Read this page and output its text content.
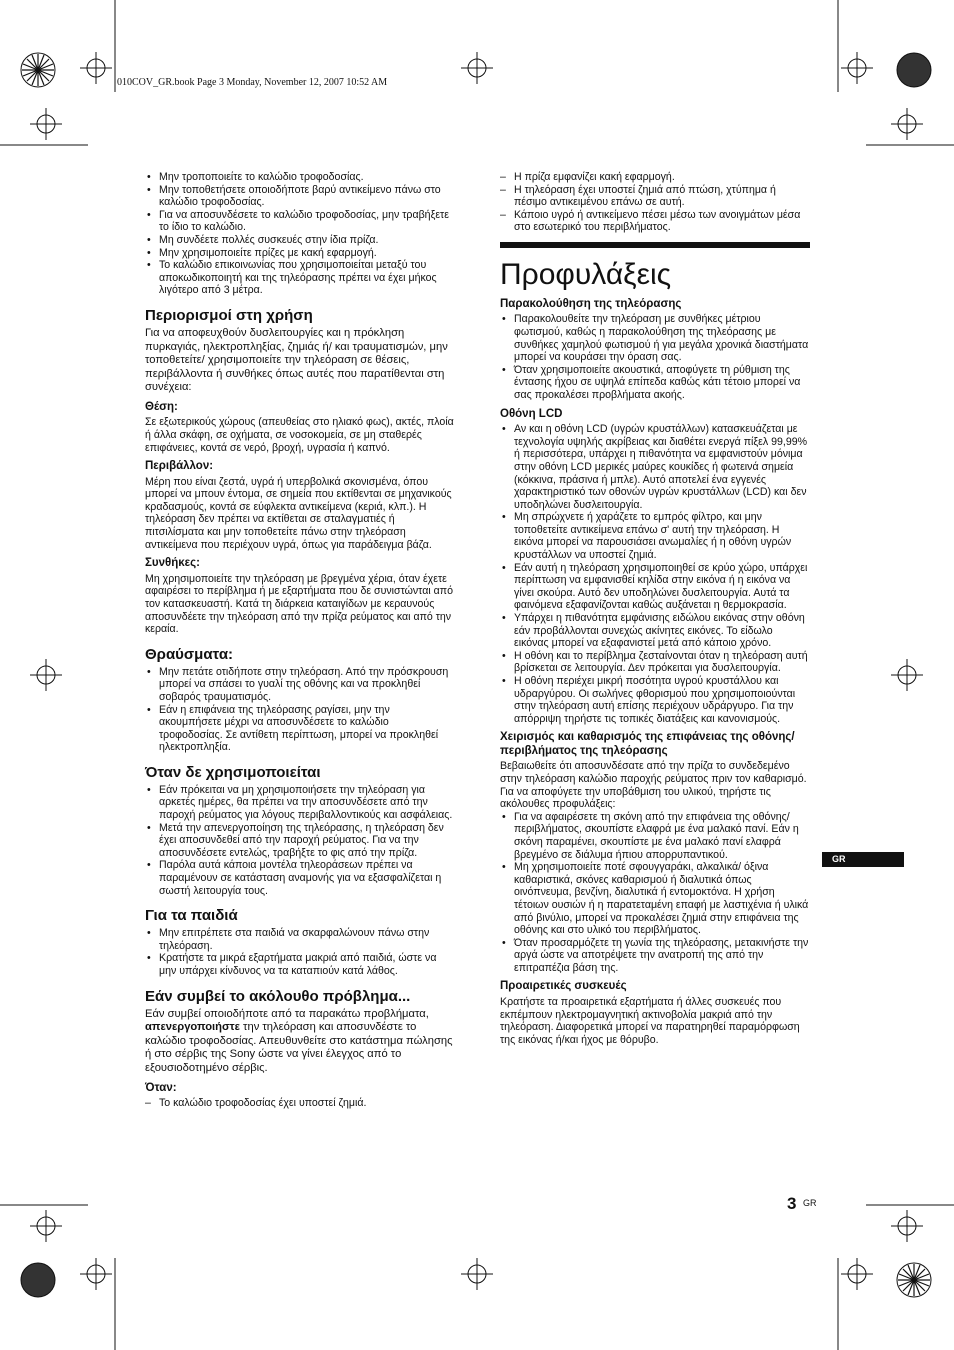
010COV_GR.book Page 3 Monday, November 12, 2007 10:52 AM
• Μην τροποποιείτε το καλώδιο τροφοδοσίας.
• Μην τοποθετήσετε οποιοδήποτε βαρύ αντικείμενο πάνω στο καλώδιο τροφοδοσίας.
• Για να αποσυνδέσετε το καλώδιο τροφοδοσίας, μην τραβήξετε το ίδιο το καλώδιο.
• Μη συνδέετε πολλές συσκευές στην ίδια πρίζα.
• Μην χρησιμοποιείτε πρίζες με κακή εφαρμογή.
• Το καλώδιο επικοινωνίας που χρησιμοποιείται μεταξύ του αποκωδικοποιητή και της τηλεόρασης πρέπει να έχει μήκος λιγότερο από 3 μέτρα.
Περιορισμοί στη χρήση

Για να αποφευχθούν δυσλειτουργίες και η πρόκληση πυρκαγιάς, ηλεκτροπληξίας, ζημιάς ή/ και τραυματισμών, μην τοποθετείτε/ χρησιμοποιείτε την τηλεόραση σε θέσεις, περιβάλλοντα ή συνθήκες όπως αυτές που παρατίθενται στη συνέχεια:

Θέση:

Σε εξωτερικούς χώρους (απευθείας στο ηλιακό φως), ακτές, πλοία ή άλλα σκάφη, σε οχήματα, σε νοσοκομεία, σε μη σταθερές επιφάνειες, κοντά σε νερό, βροχή, υγρασία ή καπνό.

Περιβάλλον:

Μέρη που είναι ζεστά, υγρά ή υπερβολικά σκονισμένα, όπου μπορεί να μπουν έντομα, σε σημεία που εκτίθενται σε μηχανικούς κραδασμούς, κοντά σε εύφλεκτα αντικείμενα (κεριά, κλπ.). Η τηλεόραση δεν πρέπει να εκτίθεται σε σταλαγματιές ή πιτσιλίσματα και μην τοποθετείτε πάνω στην τηλεόραση αντικείμενα που περιέχουν υγρά, όπως για παράδειγμα βάζα.

Συνθήκες:

Μη χρησιμοποιείτε την τηλεόραση με βρεγμένα χέρια, όταν έχετε αφαιρέσει το περίβλημα ή με εξαρτήματα που δε συνιστώνται από τον κατασκευαστή. Κατά τη διάρκεια καταιγίδων με κεραυνούς αποσυνδέετε την τηλεόραση από την πρίζα ρεύματος και από την κεραία.

Θραύσματα:
• Μην πετάτε οτιδήποτε στην τηλεόραση. Από την πρόσκρουση μπορεί να σπάσει το γυαλί της οθόνης και να προκληθεί σοβαρός τραυματισμός.
• Εάν η επιφάνεια της τηλεόρασης ραγίσει, μην την ακουμπήσετε μέχρι να αποσυνδέσετε το καλώδιο τροφοδοσίας. Σε αντίθετη περίπτωση, μπορεί να προκληθεί ηλεκτροπληξία.
Όταν δε χρησιμοποιείται
• Εάν πρόκειται να μη χρησιμοποιήσετε την τηλεόραση για αρκετές ημέρες, θα πρέπει να την αποσυνδέσετε από την παροχή ρεύματος για λόγους περιβαλλοντικούς και ασφάλειας.
• Μετά την απενεργοποίηση της τηλεόρασης, η τηλεόραση δεν έχει αποσυνδεθεί από την παροχή ρεύματος. Για να την αποσυνδέσετε εντελώς, τραβήξτε το φις από την πρίζα.
• Παρόλα αυτά κάποια μοντέλα τηλεοράσεων πρέπει να παραμένουν σε κατάσταση αναμονής για να εξασφαλίζεται η σωστή λειτουργία τους.
Για τα παιδιά
• Μην επιτρέπετε στα παιδιά να σκαρφαλώνουν πάνω στην τηλεόραση.
• Κρατήστε τα μικρά εξαρτήματα μακριά από παιδιά, ώστε να μην υπάρχει κίνδυνος να τα καταπιούν κατά λάθος.
Εάν συμβεί το ακόλουθο πρόβλημα...

Εάν συμβεί οποιοδήποτε από τα παρακάτω προβλήματα, απενεργοποιήστε την τηλεόραση και αποσυνδέστε το καλώδιο τροφοδοσίας. Απευθυνθείτε στο κατάστημα πώλησης ή στο σέρβις της Sony ώστε να γίνει έλεγχος από το εξουσιοδοτημένο σέρβις.

Όταν:
– Το καλώδιο τροφοδοσίας έχει υποστεί ζημιά.
– Η πρίζα εμφανίζει κακή εφαρμογή.
– Η τηλεόραση έχει υποστεί ζημιά από πτώση, χτύπημα ή πέσιμο αντικειμένου επάνω σε αυτή.
– Κάποιο υγρό ή αντικείμενο πέσει μέσω των ανοιγμάτων μέσα στο εσωτερικό του περιβλήματος.
Προφυλάξεις
Παρακολούθηση της τηλεόρασης
• Παρακολουθείτε την τηλεόραση με συνθήκες μέτριου φωτισμού, καθώς η παρακολούθηση της τηλεόρασης με συνθήκες χαμηλού φωτισμού ή για μεγάλα χρονικά διαστήματα μπορεί να κουράσει την όραση σας.
• Όταν χρησιμοποιείτε ακουστικά, αποφύγετε τη ρύθμιση της έντασης ήχου σε υψηλά επίπεδα καθώς κάτι τέτοιο μπορεί να σας προκαλέσει προβλήματα ακοής.
Οθόνη LCD
• Αν και η οθόνη LCD (υγρών κρυστάλλων) κατασκευάζεται με τεχνολογία υψηλής ακρίβειας και διαθέτει ενεργά πίξελ 99,99% ή περισσότερα, υπάρχει η πιθανότητα να εμφανιστούν μόνιμα στην οθόνη LCD μερικές μαύρες κουκίδες ή φωτεινά σημεία (κόκκινα, πράσινα ή μπλε). Αυτό αποτελεί ένα εγγενές χαρακτηριστικό των οθονών υγρών κρυστάλλων (LCD) και δεν υποδηλώνει δυσλειτουργία.
• Μη σπρώχνετε ή χαράζετε το εμπρός φίλτρο, και μην τοποθετείτε αντικείμενα επάνω σ' αυτή την τηλεόραση. Η εικόνα μπορεί να παρουσιάσει ανωμαλίες ή η οθόνη υγρών κρυστάλλων να υποστεί ζημιά.
• Εάν αυτή η τηλεόραση χρησιμοποιηθεί σε κρύο χώρο, υπάρχει περίπτωση να εμφανισθεί κηλίδα στην εικόνα ή η εικόνα να γίνει σκούρα. Αυτό δεν υποδηλώνει δυσλειτουργία. Αυτά τα φαινόμενα εξαφανίζονται καθώς αυξάνεται η θερμοκρασία.
• Υπάρχει η πιθανότητα εμφάνισης ειδώλου εικόνας στην οθόνη εάν προβάλλονται συνεχώς ακίνητες εικόνες. Το είδωλο εικόνας μπορεί να εξαφανιστεί μετά από κάποιο χρόνο.
• Η οθόνη και το περίβλημα ζεσταίνονται όταν η τηλεόραση αυτή βρίσκεται σε λειτουργία. Δεν πρόκειται για δυσλειτουργία.
• Η οθόνη περιέχει μικρή ποσότητα υγρού κρυστάλλου και υδραργύρου. Οι σωλήνες φθορισμού που χρησιμοποιούνται στην τηλεόραση αυτή επίσης περιέχουν υδράργυρο. Για την απόρριψη τηρήστε τις τοπικές διατάξεις και κανονισμούς.
Χειρισμός και καθαρισμός της επιφάνειας της οθόνης/περιβλήματος της τηλεόρασης

Βεβαιωθείτε ότι αποσυνδέσατε από την πρίζα το συνδεδεμένο στην τηλεόραση καλώδιο παροχής ρεύματος πριν τον καθαρισμό. Για να αποφύγετε την υποβάθμιση του υλικού, τηρήστε τις ακόλουθες προφυλάξεις:

• Για να αφαιρέσετε τη σκόνη από την επιφάνεια της οθόνης/περιβλήματος, σκουπίστε ελαφρά με ένα μαλακό πανί. Εάν η σκόνη παραμένει, σκουπίστε με ένα μαλακό πανί ελαφρά βρεγμένο σε διάλυμα ήπιου απορρυπαντικού.
• Μη χρησιμοποιείτε ποτέ σφουγγαράκι, αλκαλικά/ όξινα καθαριστικά, σκόνες καθαρισμού ή διαλυτικά όπως οινόπνευμα, βενζίνη, διαλυτικά ή εντομοκτόνα. Η χρήση τέτοιων ουσιών ή η παρατεταμένη επαφή με λαστιχένια ή υλικά από βινύλιο, μπορεί να προκαλέσει ζημιά στην επιφάνεια της οθόνης και στο υλικό του περιβλήματος.
• Όταν προσαρμόζετε τη γωνία της τηλεόρασης, μετακινήστε την αργά ώστε να αποτρέψετε την ανατροπή της από την επιτραπέζια βάση της.
Προαιρετικές συσκευές

Κρατήστε τα προαιρετικά εξαρτήματα ή άλλες συσκευές που εκπέμπουν ηλεκτρομαγνητική ακτινοβολία μακριά από την τηλεόραση. Διαφορετικά μπορεί να παρατηρηθεί παραμόρφωση της εικόνας ή/και ήχος με θόρυβο.

GR
3 GR
